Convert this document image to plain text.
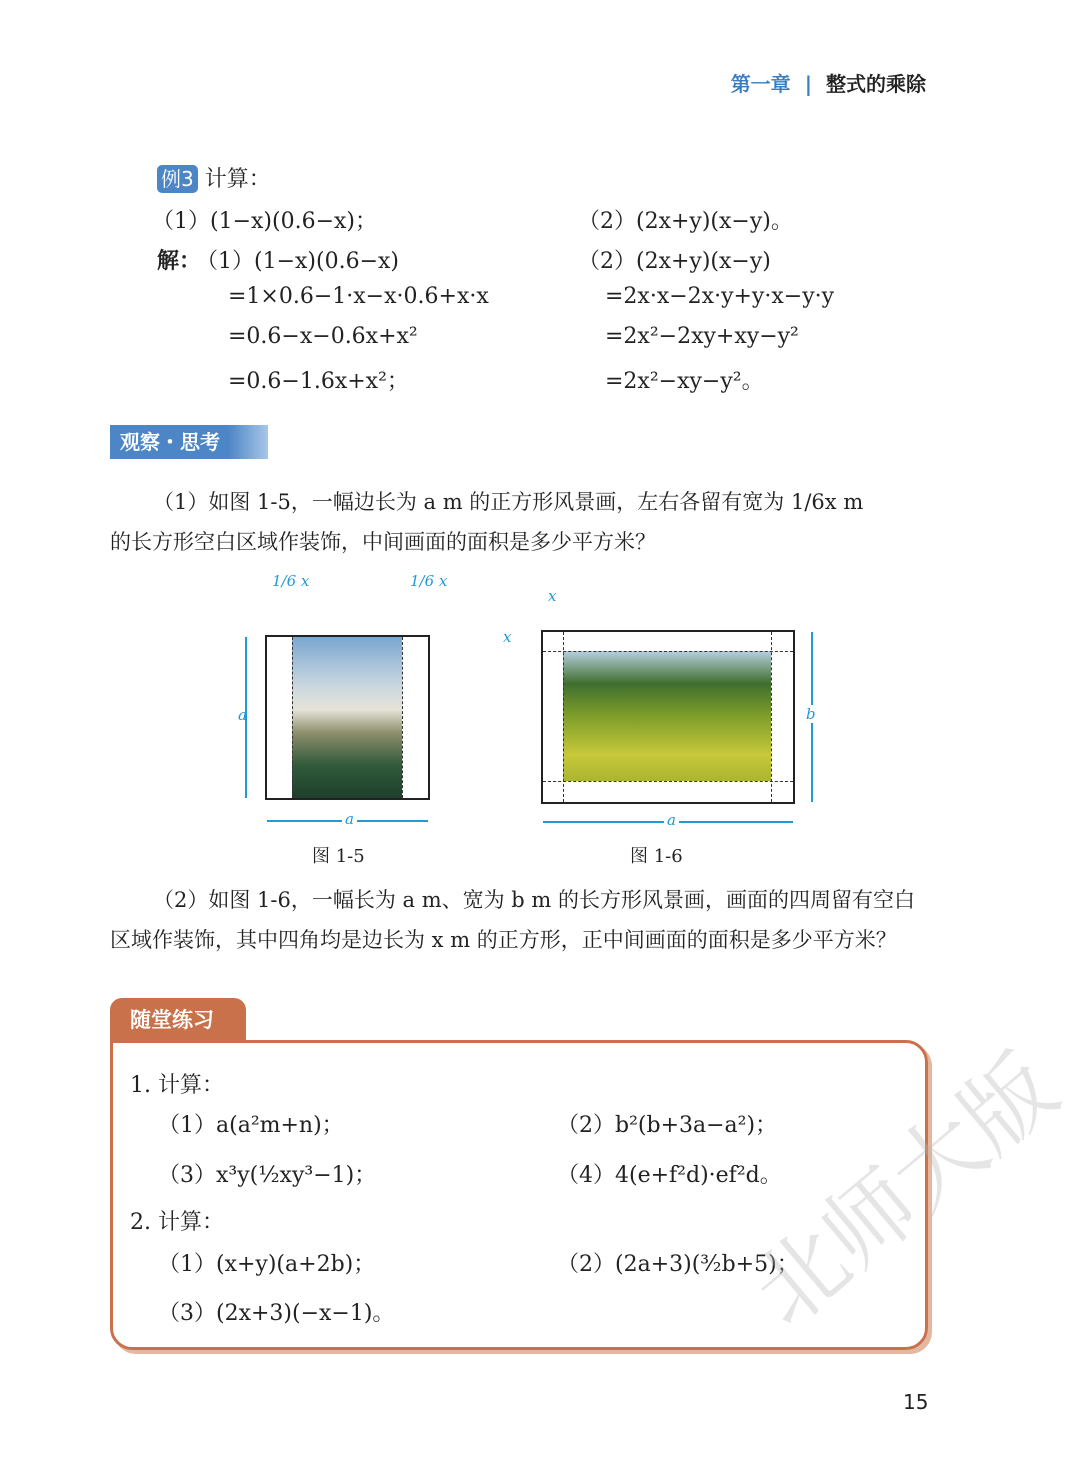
第一章 | 整式的乘除
例3 计算：
（1）(1−x)(0.6−x)；	（2）(2x+y)(x−y)。
解：
（1）(1−x)(0.6−x)
=1×0.6−1·x−x·0.6+x·x
=0.6−x−0.6x+x²
=0.6−1.6x+x²；
（2）(2x+y)(x−y)
=2x·x−2x·y+y·x−y·y
=2x²−2xy+xy−y²
=2x²−xy−y²。
观察・思考
（1）如图 1-5，一幅边长为 a m 的正方形风景画，左右各留有宽为 1/6x m
的长方形空白区域作装饰，中间画面的面积是多少平方米？
1/6 x	1/6 x
a
a
图 1-5
x
x
b
a
图 1-6
（2）如图 1-6，一幅长为 a m、宽为 b m 的长方形风景画，画面的四周留有空白
区域作装饰，其中四角均是边长为 x m 的正方形，正中间画面的面积是多少平方米？
随堂练习
1. 计算：
（1）a(a²m+n)；	（2）b²(b+3a−a²)；
（3）x³y(½xy³−1)；	（4）4(e+f²d)·ef²d。
2. 计算：
（1）(x+y)(a+2b)；	（2）(2a+3)(³⁄₂b+5)；
（3）(2x+3)(−x−1)。	北师大版
15
